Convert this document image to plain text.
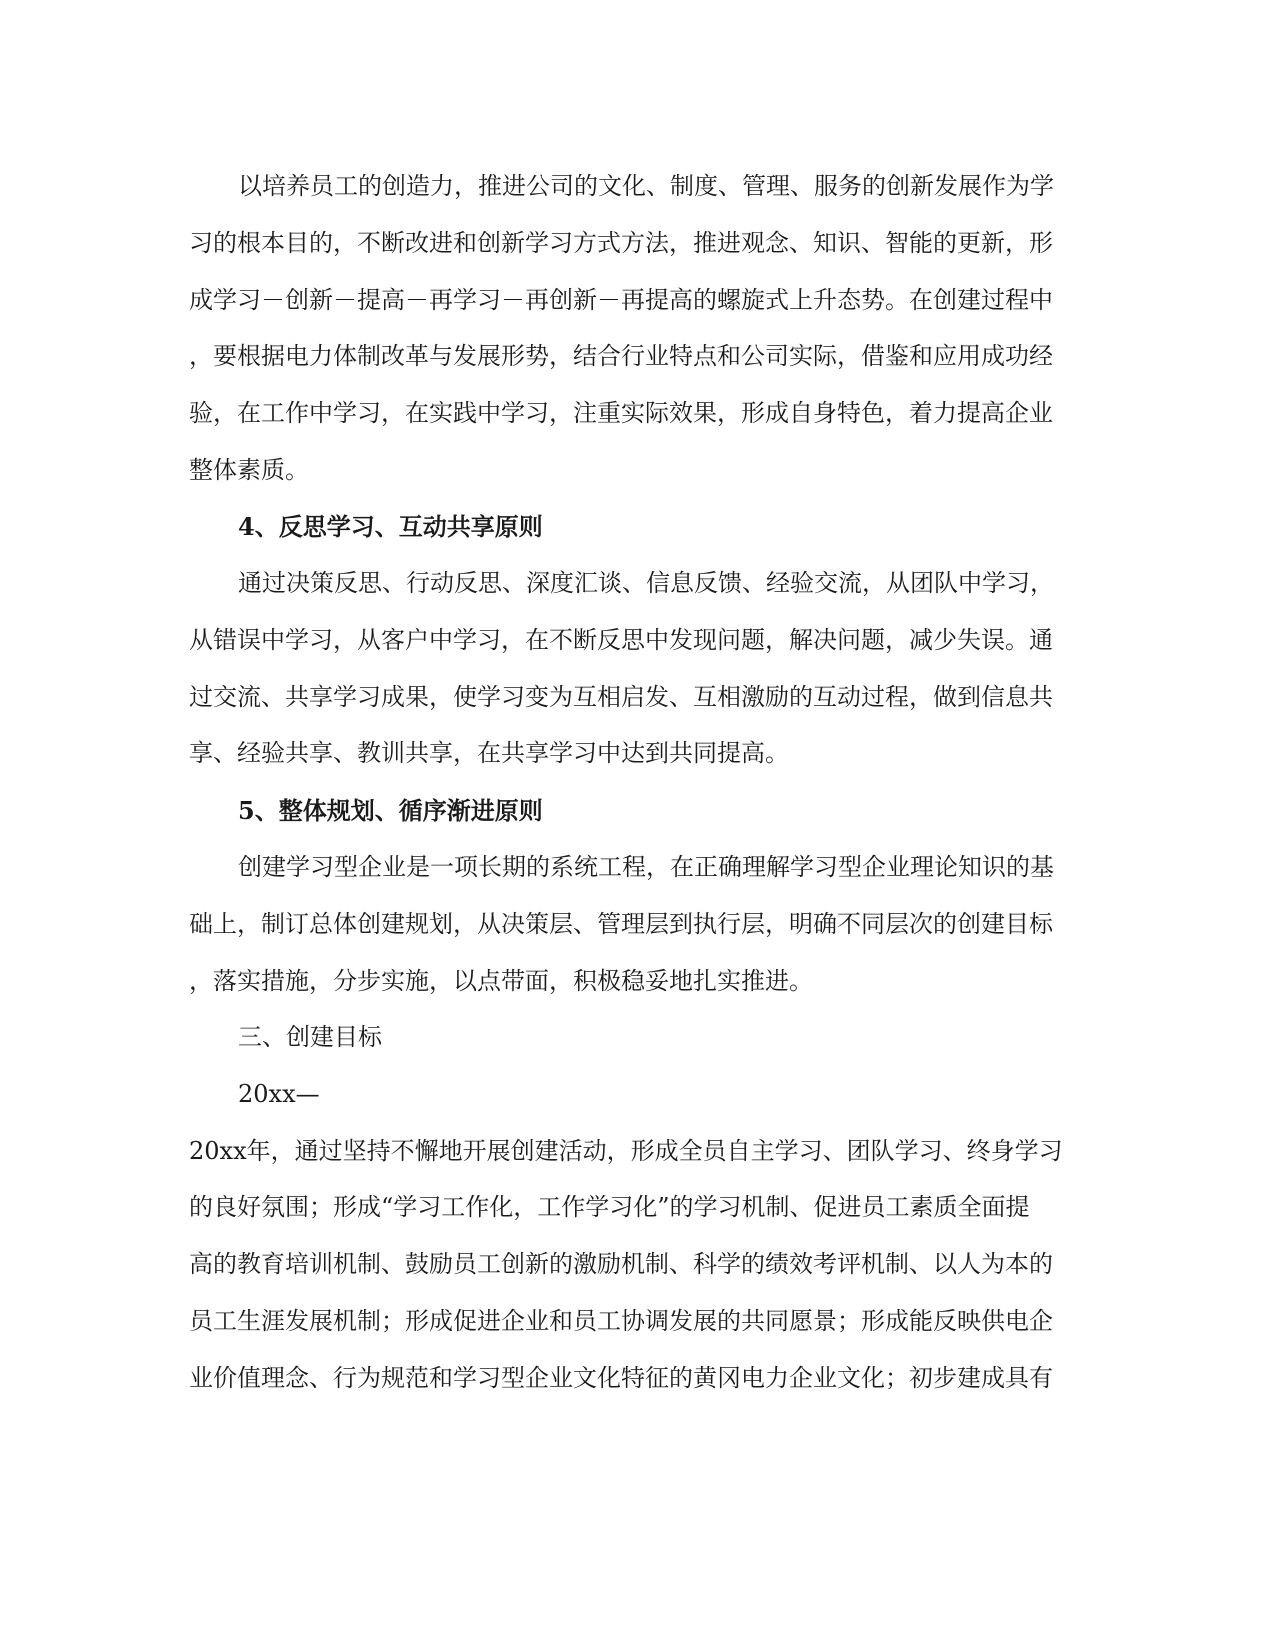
以培养员工的创造力，推进公司的文化、制度、管理、服务的创新发展作为学
习的根本目的，不断改进和创新学习方式方法，推进观念、知识、智能的更新，形
成学习－创新－提高－再学习－再创新－再提高的螺旋式上升态势。在创建过程中
，要根据电力体制改革与发展形势，结合行业特点和公司实际，借鉴和应用成功经
验，在工作中学习，在实践中学习，注重实际效果，形成自身特色，着力提高企业
整体素质。
4、反思学习、互动共享原则
通过决策反思、行动反思、深度汇谈、信息反馈、经验交流，从团队中学习，
从错误中学习，从客户中学习，在不断反思中发现问题，解决问题，减少失误。通
过交流、共享学习成果，使学习变为互相启发、互相激励的互动过程，做到信息共
享、经验共享、教训共享，在共享学习中达到共同提高。
5、整体规划、循序渐进原则
创建学习型企业是一项长期的系统工程，在正确理解学习型企业理论知识的基
础上，制订总体创建规划，从决策层、管理层到执行层，明确不同层次的创建目标
，落实措施，分步实施，以点带面，积极稳妥地扎实推进。
三、创建目标
20xx—
20xx年，通过坚持不懈地开展创建活动，形成全员自主学习、团队学习、终身学习
的良好氛围；形成“学习工作化，工作学习化”的学习机制、促进员工素质全面提
高的教育培训机制、鼓励员工创新的激励机制、科学的绩效考评机制、以人为本的
员工生涯发展机制；形成促进企业和员工协调发展的共同愿景；形成能反映供电企
业价值理念、行为规范和学习型企业文化特征的黄冈电力企业文化；初步建成具有
